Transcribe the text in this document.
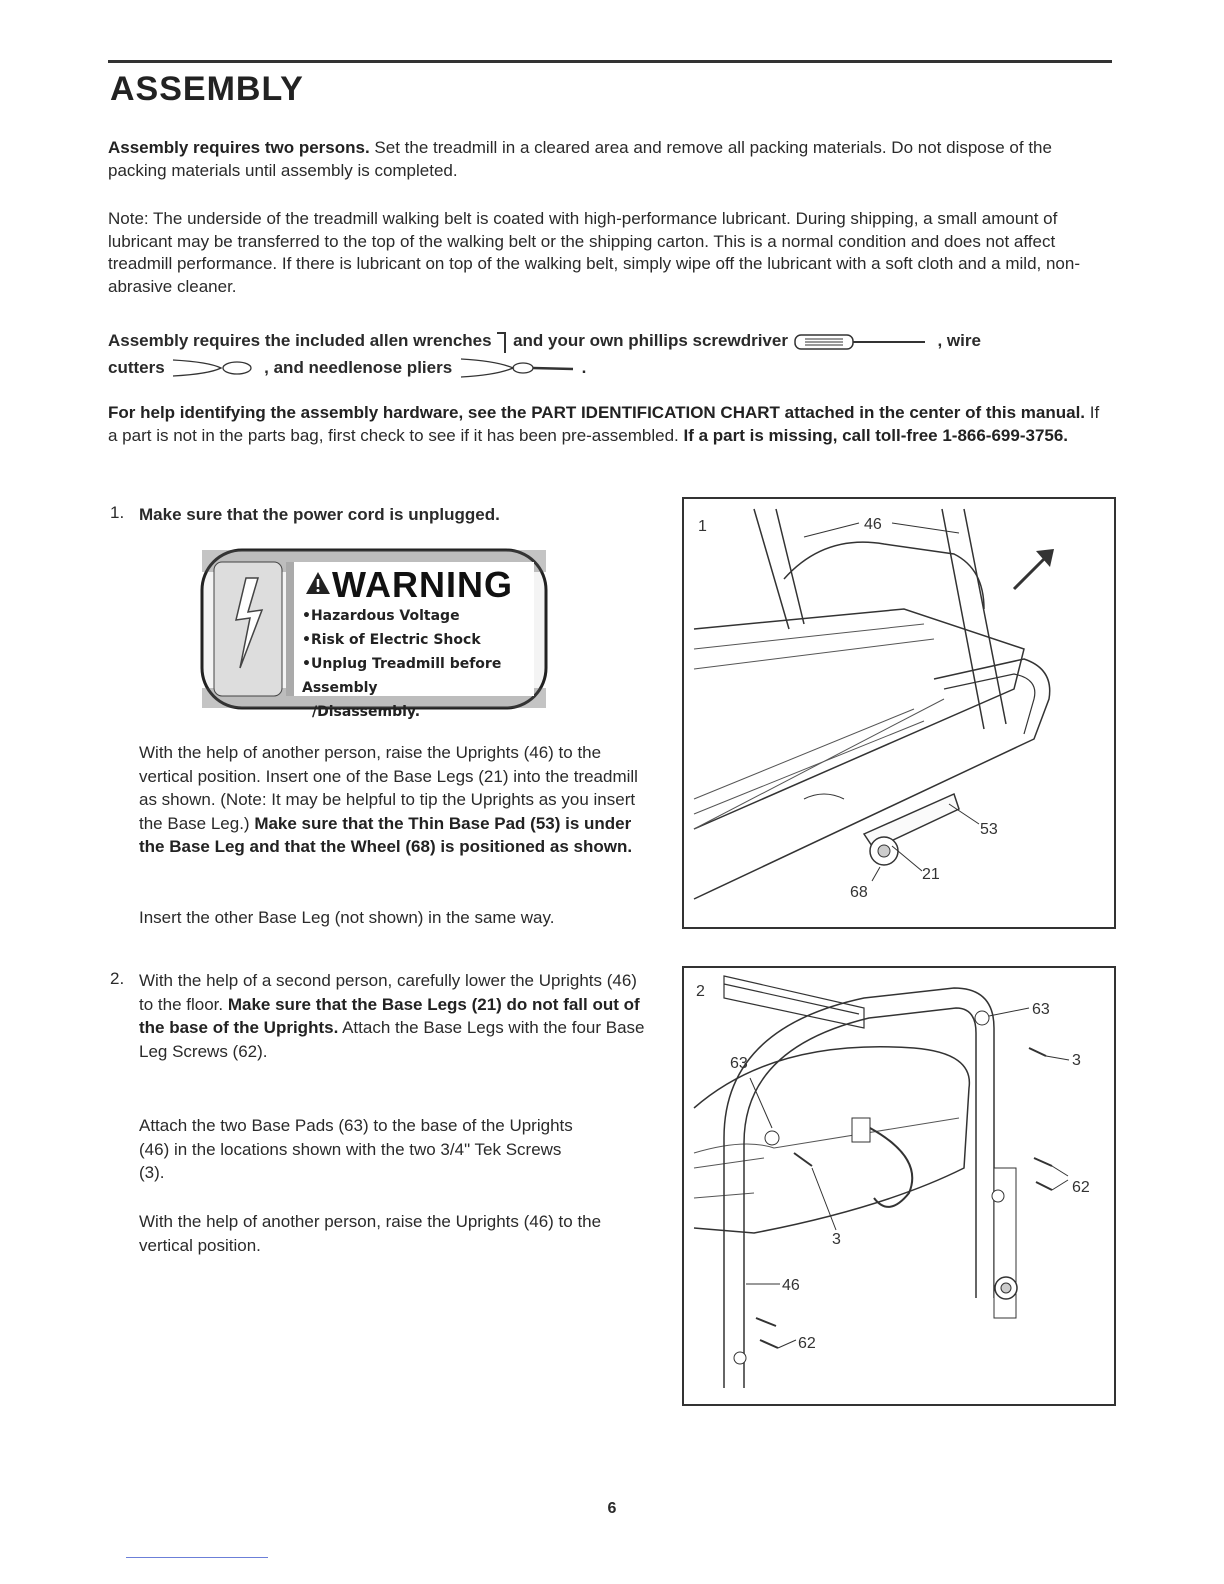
ASSEMBLY

Assembly requires two persons. Set the treadmill in a cleared area and remove all packing materials. Do not dispose of the packing materials until assembly is completed.

Note: The underside of the treadmill walking belt is coated with high-performance lubricant. During shipping, a small amount of lubricant may be transferred to the top of the walking belt or the shipping carton. This is a normal condition and does not affect treadmill performance. If there is lubricant on top of the walking belt, simply wipe off the lubricant with a soft cloth and a mild, non-abrasive cleaner.

Assembly requires the included allen wrenches and your own phillips screwdriver	, wire
cutters	, and needlenose pliers	.

For help identifying the assembly hardware, see the PART IDENTIFICATION CHART attached in the center of this manual. If a part is not in the parts bag, first check to see if it has been pre-assembled. If a part is missing, call toll-free 1-866-699-3756.

1. Make sure that the power cord is unplugged.

WARNING
•Hazardous Voltage
•Risk of Electric Shock
•Unplug Treadmill before Assembly
/Disassembly.

With the help of another person, raise the Uprights (46) to the vertical position. Insert one of the Base Legs (21) into the treadmill as shown. (Note: It may be helpful to tip the Uprights as you insert the Base Leg.) Make sure that the Thin Base Pad (53) is under the Base Leg and that the Wheel (68) is positioned as shown.

Insert the other Base Leg (not shown) in the same way.

1	46
53
21
68
2. With the help of a second person, carefully lower the Uprights (46) to the floor. Make sure that the Base Legs (21) do not fall out of the base of the Uprights. Attach the Base Legs with the four Base Leg Screws (62).

Attach the two Base Pads (63) to the base of the Uprights (46) in the locations shown with the two 3/4" Tek Screws (3).

With the help of another person, raise the Uprights (46) to the vertical position.

2
63
3
63
62
3
46
62
6
